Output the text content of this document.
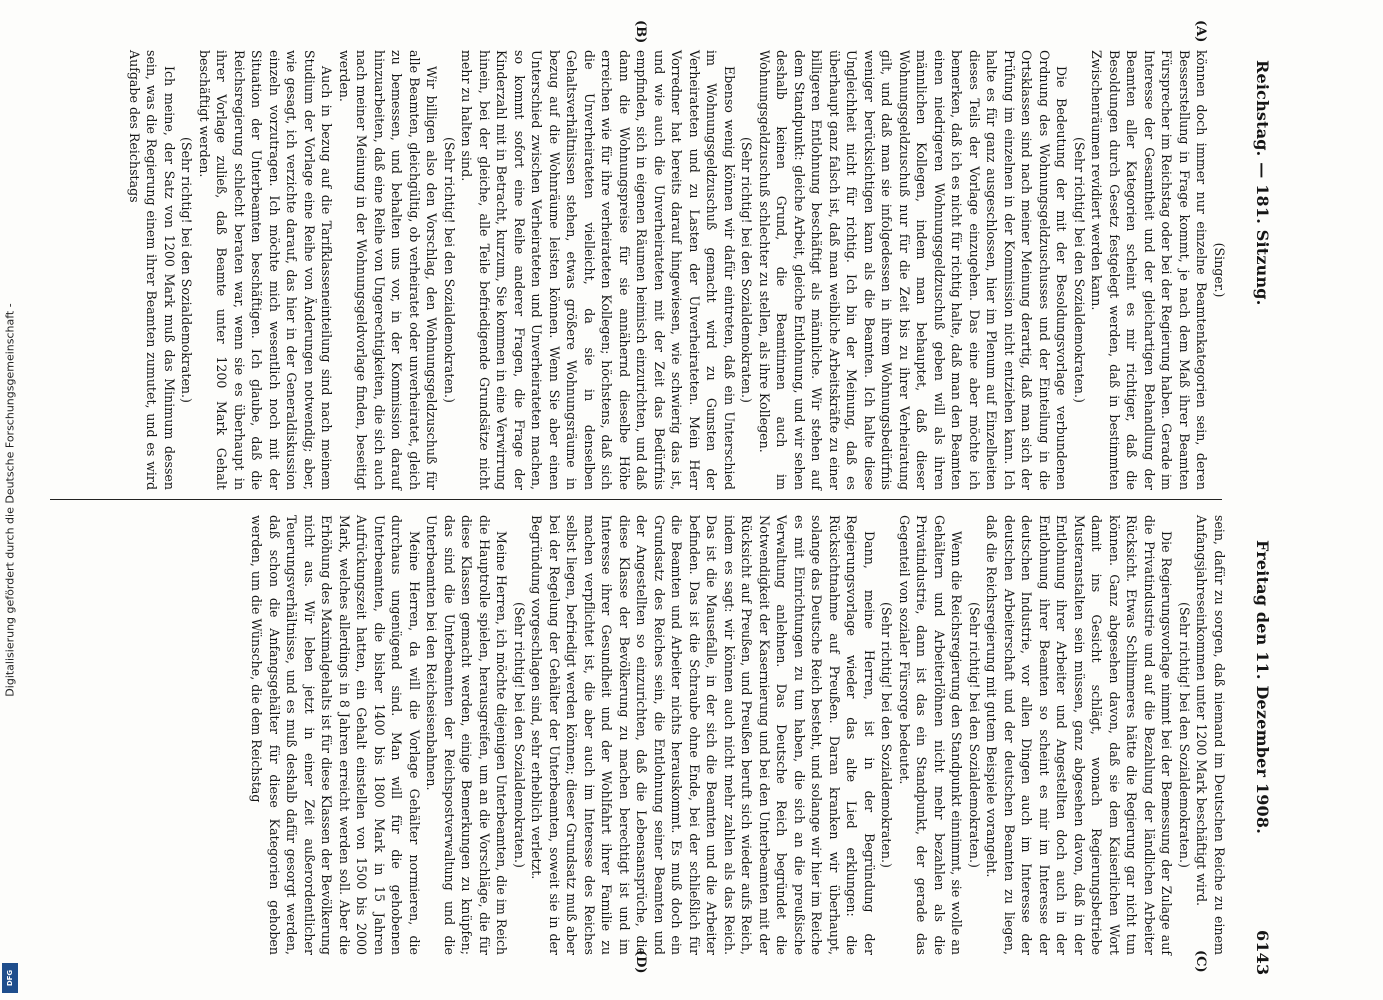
Reichstag. — 181. Sitzung.
Freitag den 11. Dezember 1908.
6143
(A)
(B)
(C)
(D)

(Singer.)

können doch immer nur einzelne Beamtenkategorien sein, deren Besserstellung in Frage kommt, je nach dem Maß ihrer Beamten Fürsprecher im Reichstag oder bei der Regierung haben. Gerade im Interesse der Gesamtheit und der gleichartigen Behandlung der Beamten aller Kategorien scheint es mir richtiger, daß die Besoldungen durch Gesetz festgelegt werden, daß in bestimmten Zwischenräumen revidiert werden kann.

(Sehr richtig! bei den Sozialdemokraten.)

Die Bedeutung der mit der Besoldungsvorlage verbundenen Ordnung des Wohnungsgeldzuschusses und der Einteilung in die Ortsklassen sind nach meiner Meinung derartig, daß man sich der Prüfung im einzelnen in der Kommission nicht entziehen kann. Ich halte es für ganz ausgeschlossen, hier im Plenum auf Einzelheiten dieses Teils der Vorlage einzugehen. Das eine aber möchte ich bemerken, daß ich es nicht für richtig halte, daß man den Beamten einen niedrigeren Wohnungsgeldzuschuß geben will als ihren männlichen Kollegen, indem man behauptet, daß dieser Wohnungsgeldzuschuß nur für die Zeit bis zu ihrer Verheiratung gilt, und daß man sie infolgedessen in ihrem Wohnungsbedürfnis weniger berücksichtigen kann als die Beamten. Ich halte diese Ungleichheit nicht für richtig. Ich bin der Meinung, daß es überhaupt ganz falsch ist, daß man weibliche Arbeitskräfte zu einer billigeren Entlohnung beschäftigt als männliche. Wir stehen auf dem Standpunkt: gleiche Arbeit, gleiche Entlohnung, und wir sehen deshalb keinen Grund, die Beamtinnen auch im Wohnungsgeldzuschuß schlechter zu stellen, als ihre Kollegen.

(Sehr richtig! bei den Sozialdemokraten.)

Ebenso wenig können wir dafür eintreten, daß ein Unterschied im Wohnungsgeldzuschuß gemacht wird zu Gunsten der Verheirateten und zu Lasten der Unverheirateten. Mein Herr Vorredner hat bereits darauf hingewiesen, wie schwierig das ist, und wie auch die Unverheirateten mit der Zeit das Bedürfnis empfinden, sich in eigenen Räumen heimisch einzurichten, und daß dann die Wohnungspreise für sie annähernd dieselbe Höhe erreichen wie für ihre verheirateten Kollegen; höchstens, daß sich die Unverheirateten vielleicht, da sie in denselben Gehaltsverhältnissen stehen, etwas größere Wohnungsräume in bezug auf die Wohnräume leisten können. Wenn Sie aber einen Unterschied zwischen Verheirateten und Unverheirateten machen, so kommt sofort eine Reihe anderer Fragen, die Frage der Kinderzahl mit in Betracht, kurzum, Sie kommen in eine Verwirrung hinein, bei der gleiche, alle Teile befriedigende Grundsätze nicht mehr zu halten sind.

(Sehr richtig! bei den Sozialdemokraten.)

Wir billigen also den Vorschlag, den Wohnungsgeldzuschuß für alle Beamten, gleichgültig, ob verheiratet oder unverheiratet, gleich zu bemessen, und behalten uns vor, in der Kommission darauf hinzuarbeiten, daß eine Reihe von Ungerechtigkeiten, die sich auch nach meiner Meinung in der Wohnungsgeldvorlage finden, beseitigt werden.

Auch in bezug auf die Tarifklasseneinteilung sind nach meinem Studium der Vorlage eine Reihe von Änderungen notwendig; aber, wie gesagt, ich verzichte darauf, das hier in der Generaldiskussion einzeln vorzutragen. Ich möchte mich wesentlich noch mit der Situation der Unterbeamten beschäftigen. Ich glaube, daß die Reichsregierung schlecht beraten war, wenn sie es überhaupt in ihrer Vorlage zuließ, daß Beamte unter 1200 Mark Gehalt beschäftigt werden.

(Sehr richtig! bei den Sozialdemokraten.)

Ich meine, der Satz von 1200 Mark muß das Minimum dessen sein, was die Regierung einem ihrer Beamten zumutet, und es wird Aufgabe des Reichstags

sein, dafür zu sorgen, daß niemand im Deutschen Reiche zu einem Anfangsjahreseinkommen unter 1200 Mark beschäftigt wird.

(Sehr richtig! bei den Sozialdemokraten.)

Die Regierungsvorlage nimmt bei der Bemessung der Zulage auf die Privatindustrie und auf die Bezahlung der ländlichen Arbeiter Rücksicht. Etwas Schlimmeres hätte die Regierung gar nicht tun können. Ganz abgesehen davon, daß sie dem Kaiserlichen Wort damit ins Gesicht schlägt, wonach Regierungsbetriebe Musteranstalten sein müssen, ganz abgesehen davon, daß in der Entlohnung ihrer Arbeiter und Angestellten doch auch in der Entlohnung ihrer Beamten so scheint es mir im Interesse der deutschen Industrie, vor allen Dingen auch im Interesse der deutschen Arbeiterschaft und der deutschen Beamten zu liegen, daß die Reichsregierung mit gutem Beispiele vorangeht.

(Sehr richtig! bei den Sozialdemokraten.)

Wenn die Reichsregierung den Standpunkt einnimmt, sie wolle an Gehältern und Arbeiterlöhnen nicht mehr bezahlen als die Privatindustrie, dann ist das ein Standpunkt, der gerade das Gegenteil von sozialer Fürsorge bedeutet.

(Sehr richtig! bei den Sozialdemokraten.)

Dann, meine Herren, ist in der Begründung der Regierungsvorlage wieder das alte Lied erklungen: die Rücksichtnahme auf Preußen. Daran kranken wir überhaupt, solange das Deutsche Reich besteht, und solange wir hier im Reiche es mit Einrichtungen zu tun haben, die sich an die preußische Verwaltung anlehnen. Das Deutsche Reich begründet die Notwendigkeit der Kasernierung und bei den Unterbeamten mit der Rücksicht auf Preußen, und Preußen beruft sich wieder aufs Reich, indem es sagt: wir können auch nicht mehr zahlen als das Reich. Das ist die Mausefalle, in der sich die Beamten und die Arbeiter befinden. Das ist die Schraube ohne Ende, bei der schließlich für die Beamten und Arbeiter nichts herauskommt. Es muß doch ein Grundsatz des Reiches sein, die Entlohnung seiner Beamten und der Angestellten so einzurichten, daß die Lebensansprüche, die diese Klasse der Bevölkerung zu machen berechtigt ist und im Interesse ihrer Gesundheit und der Wohlfahrt ihrer Familie zu machen verpflichtet ist, die aber auch im Interesse des Reiches selbst liegen, befriedigt werden können; dieser Grundsatz muß aber bei der Regelung der Gehälter der Unterbeamten, soweit sie in der Begründung vorgeschlagen sind, sehr erheblich verletzt.

(Sehr richtig! bei den Sozialdemokraten.)

Meine Herren, ich möchte diejenigen Unterbeamten, die im Reich die Hauptrolle spielen, herausgreifen, um an die Vorschläge, die für diese Klassen gemacht werden, einige Bemerkungen zu knüpfen; das sind die Unterbeamten der Reichspostverwaltung und die Unterbeamten bei den Reichseisenbahnen.

Meine Herren, da will die Vorlage Gehälter normieren, die durchaus ungenügend sind. Man will für die gehobenen Unterbeamten, die bisher 1400 bis 1800 Mark in 15 Jahren Aufrückungszeit hatten, ein Gehalt einstellen von 1500 bis 2000 Mark, welches allerdings in 8 Jahren erreicht werden soll. Aber die Erhöhung des Maximalgehalts ist für diese Klassen der Bevölkerung nicht aus. Wir leben jetzt in einer Zeit außerordentlicher Teuerungsverhältnisse, und es muß deshalb dafür gesorgt werden, daß schon die Anfangsgehälter für diese Kategorien gehoben werden, um die Wünsche, die dem Reichstag

Digitalisierung gefördert durch die Deutsche Forschungsgemeinschaft -
DFG
